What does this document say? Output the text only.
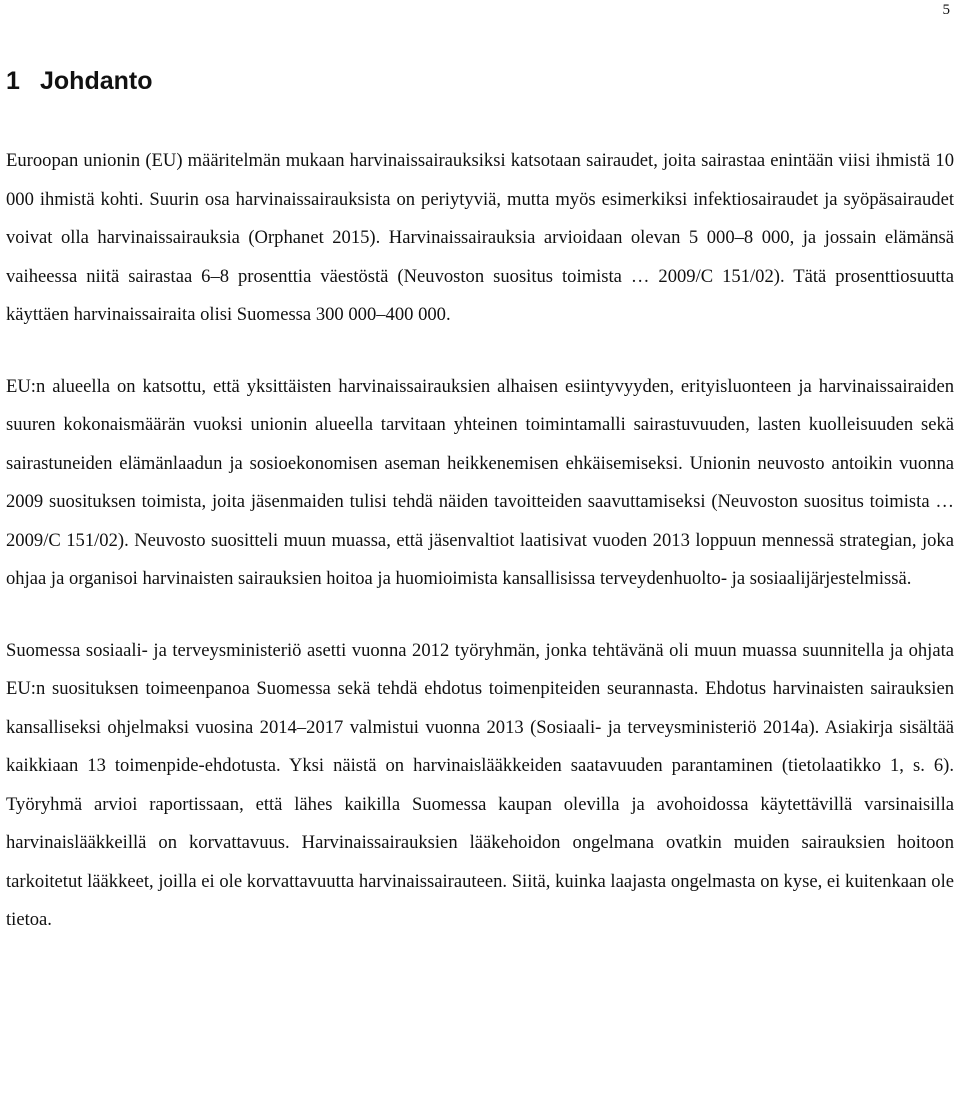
5
1 Johdanto

Euroopan unionin (EU) määritelmän mukaan harvinaissairauksiksi katsotaan sairaudet, joita sairastaa enintään viisi ihmistä 10 000 ihmistä kohti. Suurin osa harvinaissairauksista on periytyviä, mutta myös esimerkiksi infektiosairaudet ja syöpäsairaudet voivat olla harvinaissairauksia (Orphanet 2015). Harvinaissairauksia arvioidaan olevan 5 000–8 000, ja jossain elämänsä vaiheessa niitä sairastaa 6–8 prosenttia väestöstä (Neuvoston suositus toimista … 2009/C 151/02). Tätä prosenttiosuutta käyttäen harvinaissairaita olisi Suomessa 300 000–400 000.

EU:n alueella on katsottu, että yksittäisten harvinaissairauksien alhaisen esiintyvyyden, erityisluonteen ja harvinaissairaiden suuren kokonaismäärän vuoksi unionin alueella tarvitaan yhteinen toimintamalli sairastuvuuden, lasten kuolleisuuden sekä sairastuneiden elämänlaadun ja sosioekonomisen aseman heikkenemisen ehkäisemiseksi. Unionin neuvosto antoikin vuonna 2009 suosituksen toimista, joita jäsenmaiden tulisi tehdä näiden tavoitteiden saavuttamiseksi (Neuvoston suositus toimista … 2009/C 151/02). Neuvosto suositteli muun muassa, että jäsenvaltiot laatisivat vuoden 2013 loppuun mennessä strategian, joka ohjaa ja organisoi harvinaisten sairauksien hoitoa ja huomioimista kansallisissa terveydenhuolto- ja sosiaalijärjestelmissä.

Suomessa sosiaali- ja terveysministeriö asetti vuonna 2012 työryhmän, jonka tehtävänä oli muun muassa suunnitella ja ohjata EU:n suosituksen toimeenpanoa Suomessa sekä tehdä ehdotus toimenpiteiden seurannasta. Ehdotus harvinaisten sairauksien kansalliseksi ohjelmaksi vuosina 2014–2017 valmistui vuonna 2013 (Sosiaali- ja terveysministeriö 2014a). Asiakirja sisältää kaikkiaan 13 toimenpide-ehdotusta. Yksi näistä on harvinaislääkkeiden saatavuuden parantaminen (tietolaatikko 1, s. 6). Työryhmä arvioi raportissaan, että lähes kaikilla Suomessa kaupan olevilla ja avohoidossa käytettävillä varsinaisilla harvinaislääkkeillä on korvattavuus. Harvinaissairauksien lääkehoidon ongelmana ovatkin muiden sairauksien hoitoon tarkoitetut lääkkeet, joilla ei ole korvattavuutta harvinaissairauteen. Siitä, kuinka laajasta ongelmasta on kyse, ei kuitenkaan ole tietoa.
